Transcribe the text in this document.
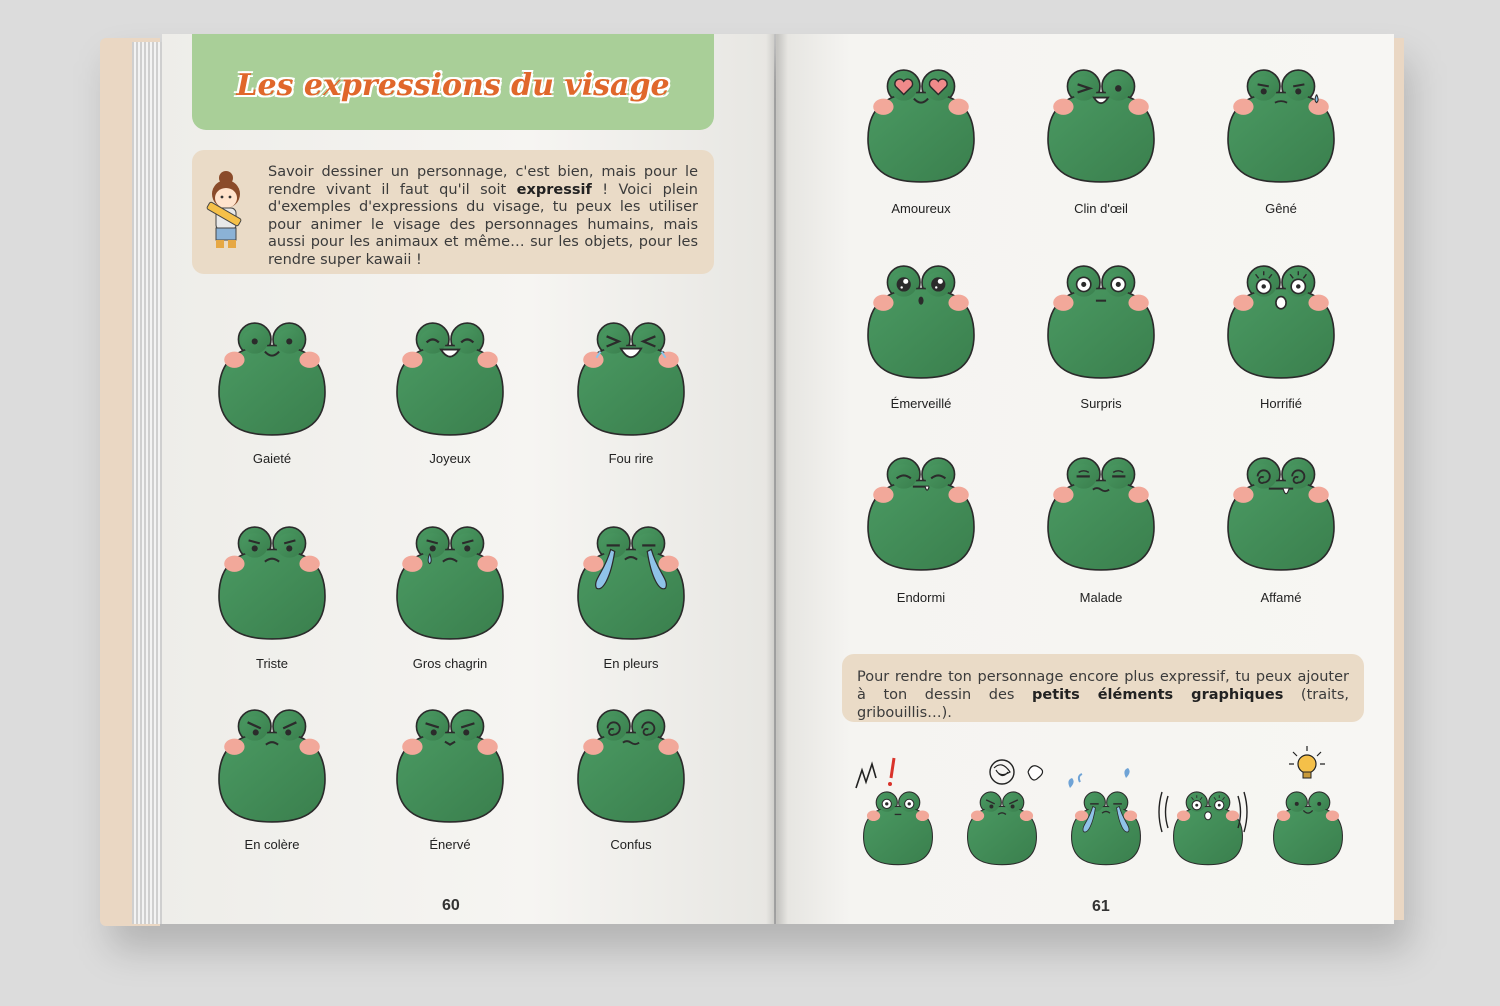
Les expressions du visage
Savoir dessiner un personnage, c'est bien, mais pour le rendre vivant il faut qu'il soit expressif ! Voici plein d'exemples d'expressions du visage, tu peux les utiliser pour animer le visage des personnages humains, mais aussi pour les animaux et même… sur les objets, pour les rendre super kawaii !
60
Gaieté	Joyeux	Fou rire
Triste	Gros chagrin	En pleurs
En colère	Énervé	Confus
Pour rendre ton personnage encore plus expressif, tu peux ajouter à ton dessin des petits éléments graphiques (traits, gribouillis…).
61
Amoureux	Clin d'œil	Gêné
Émerveillé	Surpris	Horrifié
Endormi	Malade	Affamé
